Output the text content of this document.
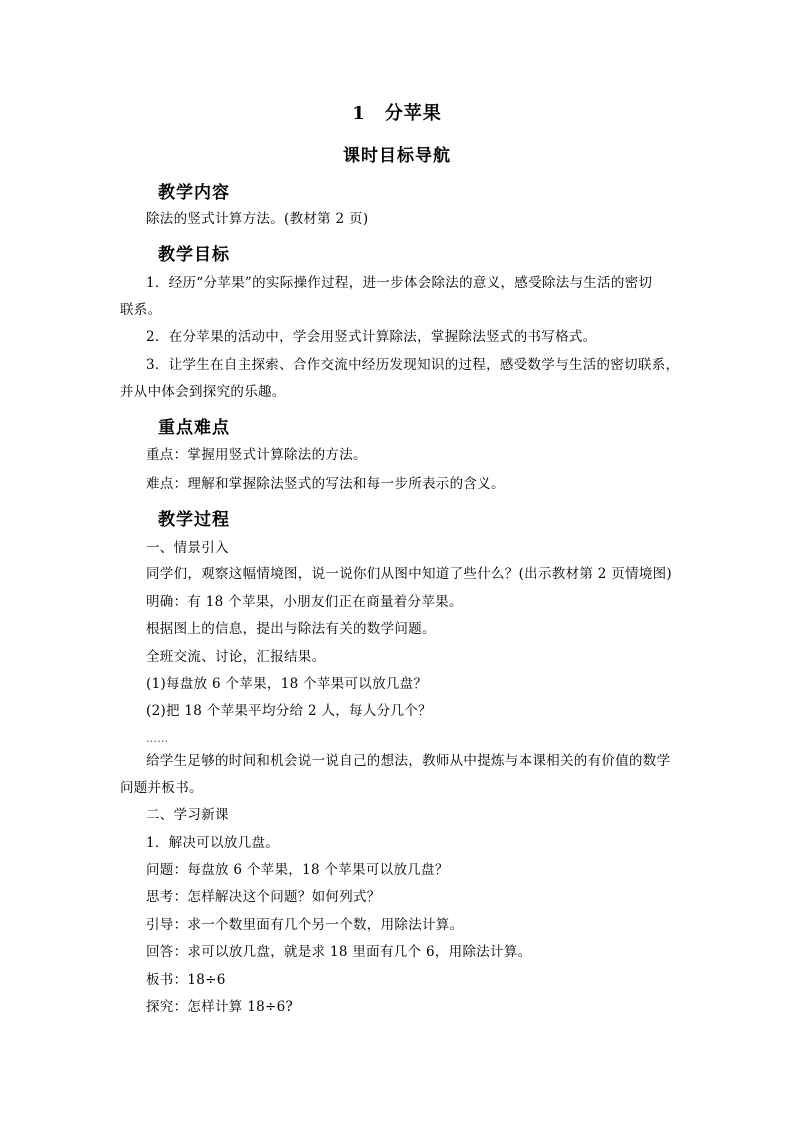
1　分苹果
课时目标导航
教学内容
除法的竖式计算方法。(教材第 2 页)
教学目标
1．经历“分苹果”的实际操作过程，进一步体会除法的意义，感受除法与生活的密切
联系。
2．在分苹果的活动中，学会用竖式计算除法，掌握除法竖式的书写格式。
3．让学生在自主探索、合作交流中经历发现知识的过程，感受数学与生活的密切联系，
并从中体会到探究的乐趣。
重点难点
重点：掌握用竖式计算除法的方法。
难点：理解和掌握除法竖式的写法和每一步所表示的含义。
教学过程
一、情景引入
同学们，观察这幅情境图，说一说你们从图中知道了些什么？(出示教材第 2 页情境图)
明确：有 18 个苹果，小朋友们正在商量着分苹果。
根据图上的信息，提出与除法有关的数学问题。
全班交流、讨论，汇报结果。
(1)每盘放 6 个苹果，18 个苹果可以放几盘？
(2)把 18 个苹果平均分给 2 人，每人分几个？
……
给学生足够的时间和机会说一说自己的想法，教师从中提炼与本课相关的有价值的数学
问题并板书。
二、学习新课
1．解决可以放几盘。
问题：每盘放 6 个苹果，18 个苹果可以放几盘？
思考：怎样解决这个问题？如何列式？
引导：求一个数里面有几个另一个数，用除法计算。
回答：求可以放几盘，就是求 18 里面有几个 6，用除法计算。
板书：18÷6
探究：怎样计算 18÷6?
